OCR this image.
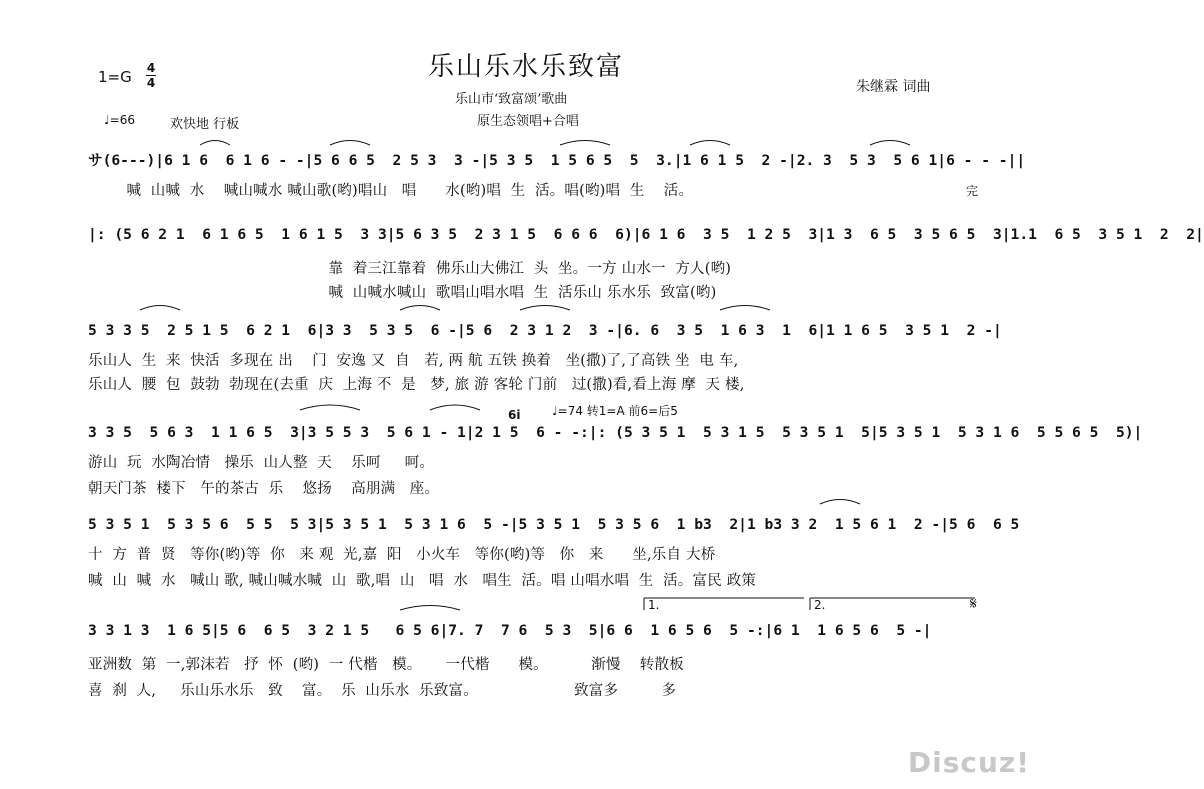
乐山乐水乐致富
乐山市‘致富颂’歌曲
原生态领唱+合唱
朱继霖 词曲
1=G 4
4
♩=66	欢快地 行板
サ(6---)|6 1 6  6 1 6 - -|5 6 6 5  2 5 3  3 -|5 3 5  1 5 6 5  5  3.|1 6 1 5  2 -|2. 3  5 3  5 6 1|6 - - -||
喊  山喊  水    喊山喊水 喊山歌(哟)唱山   唱      水(哟)唱  生  活。唱(哟)唱  生    活。	完
|: (5 6 2 1  6 1 6 5  1 6 1 5  3 3|5 6 3 5  2 3 1 5  6 6 6  6)|6 1 6  3 5  1 2 5  3|1 3  6 5  3 5 6 5  3|1.1  6 5  3 5 1  2  2|
靠  着三江靠着  佛乐山大佛江  头  坐。一方 山水一  方人(哟)
喊  山喊水喊山  歌唱山唱水唱  生  活乐山 乐水乐  致富(哟)
5 3 3 5  2 5 1 5  6 2 1  6|3 3  5 3 5  6 -|5 6  2 3 1 2  3 -|6. 6  3 5  1 6 3  1  6|1 1 6 5  3 5 1  2 -|
乐山人  生  来  快活  多现在 出    门  安逸 又  自   若, 两 航 五铁 换着   坐(撒)了,了高铁 坐  电 车,
乐山人  腰  包  鼓勃  勃现在(去重  庆  上海 不  是   梦, 旅 游 客轮 门前   过(撒)看,看上海 摩  天 楼,
6i	♩=74 转1=A 前6=后5
3 3 5  5 6 3  1 1 6 5  3|3 5 5 3  5 6 1 - 1|2 1 5  6 - -:|: (5 3 5 1  5 3 1 5  5 3 5 1  5|5 3 5 1  5 3 1 6  5 5 6 5  5)|
游山  玩  水陶冶情   操乐  山人整  天    乐呵     呵。
朝天门茶  楼下   午的茶古  乐    悠扬    高朋满   座。
5 3 5 1  5 3 5 6  5 5  5 3|5 3 5 1  5 3 1 6  5 -|5 3 5 1  5 3 5 6  1 b3  2|1 b3 3 2  1 5 6 1  2 -|5 6  6 5
十  方  普  贤   等你(哟)等  你   来 观  光,嘉  阳   小火车   等你(哟)等   你   来      坐,乐自 大桥
喊  山  喊  水   喊山 歌, 喊山喊水喊  山  歌,唱  山   唱  水   唱生  活。唱 山唱水唱  生  活。富民 政策
1.	2.	𝄋
3 3 1 3  1 6 5|5 6  6 5  3 2 1 5   6 5 6|7. 7  7 6  5 3  5|6 6  1 6 5 6  5 -:|6 1  1 6 5 6  5 -|
亚洲数  第  一,郭沫若   抒  怀  (哟)  一 代楷   模。     一代楷      模。         渐慢    转散板
喜  刹  人,     乐山乐水乐   致    富。  乐  山乐水  乐致富。                    致富多         多
Discuz!
